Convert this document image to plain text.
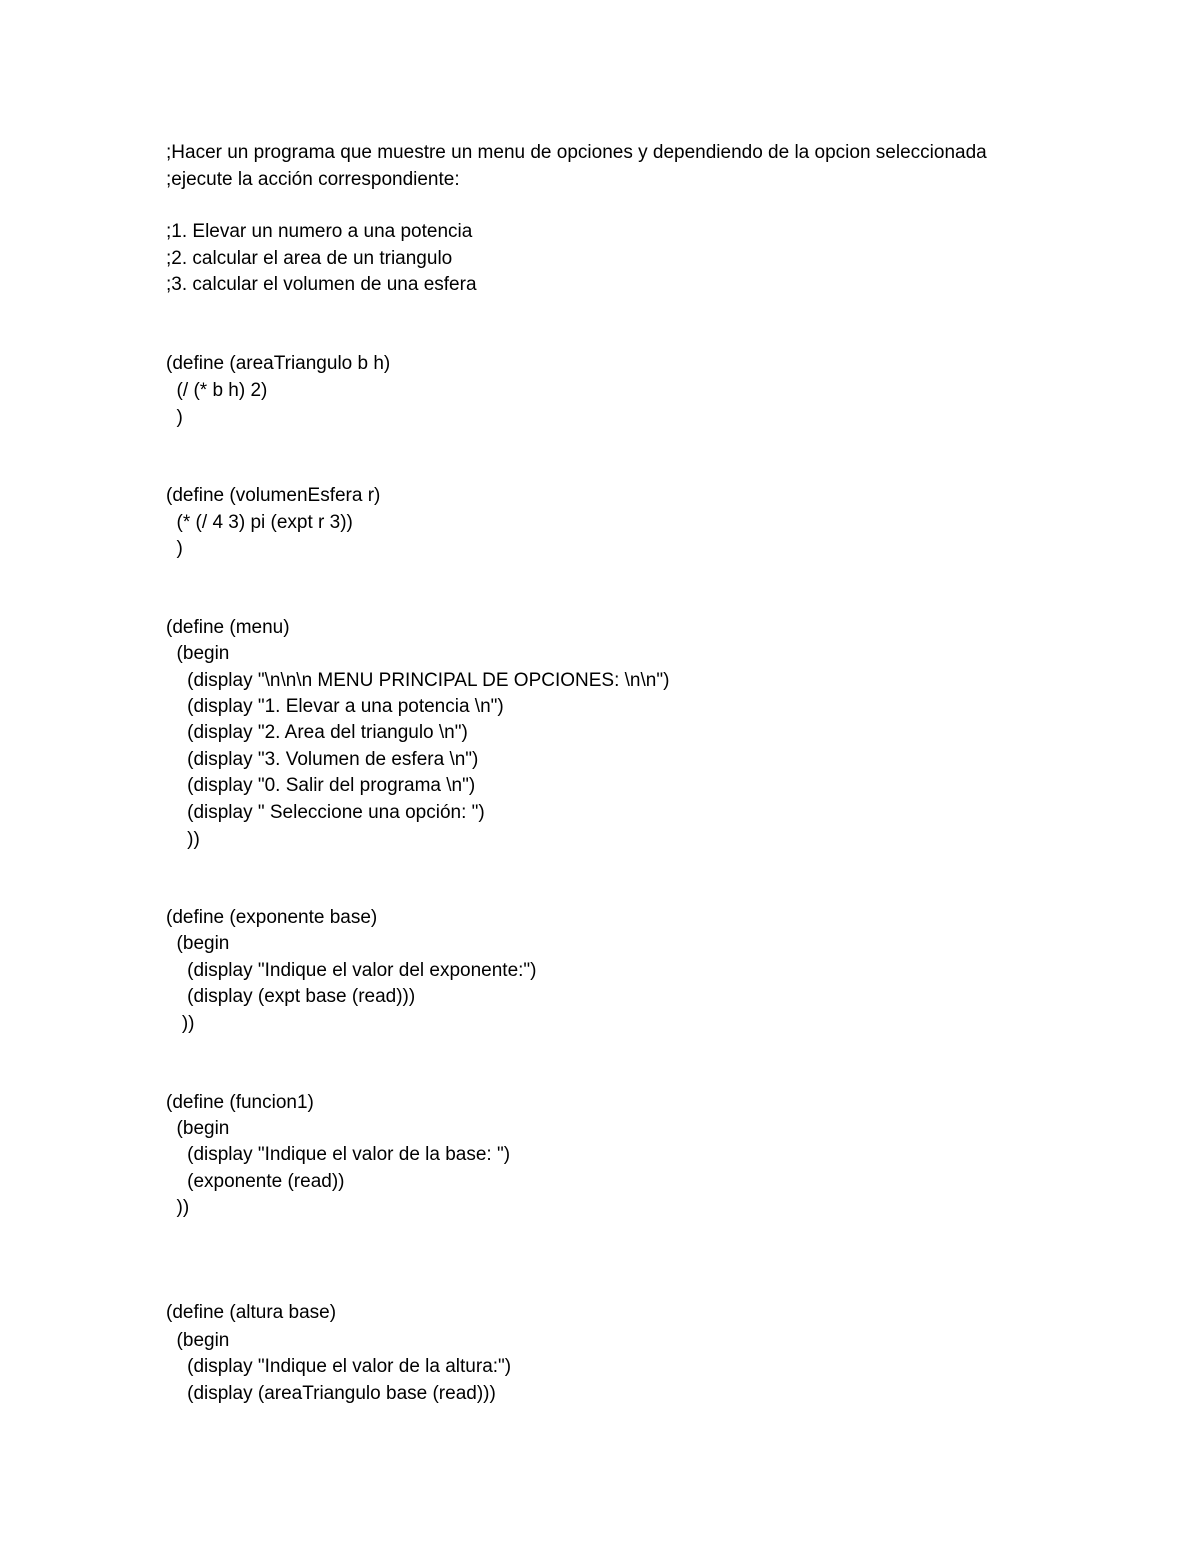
;Hacer un programa que muestre un menu de opciones y dependiendo de la opcion seleccionada
;ejecute la acción correspondiente:
;1. Elevar un numero a una potencia
;2. calcular el area de un triangulo
;3. calcular el volumen de una esfera
(define (areaTriangulo b h)
(/ (* b h) 2)
)
(define (volumenEsfera r)
(* (/ 4 3) pi (expt r 3))
)
(define (menu)
(begin
(display "\n\n\n MENU PRINCIPAL DE OPCIONES: \n\n")
(display "1. Elevar a una potencia \n")
(display "2. Area del triangulo \n")
(display "3. Volumen de esfera \n")
(display "0. Salir del programa \n")
(display " Seleccione una opción: ")
))
(define (exponente base)
(begin
(display "Indique el valor del exponente:")
(display (expt base (read)))
))
(define (funcion1)
(begin
(display "Indique el valor de la base: ")
(exponente (read))
))
(define (altura base)
(begin
(display "Indique el valor de la altura:")
(display (areaTriangulo base (read)))
